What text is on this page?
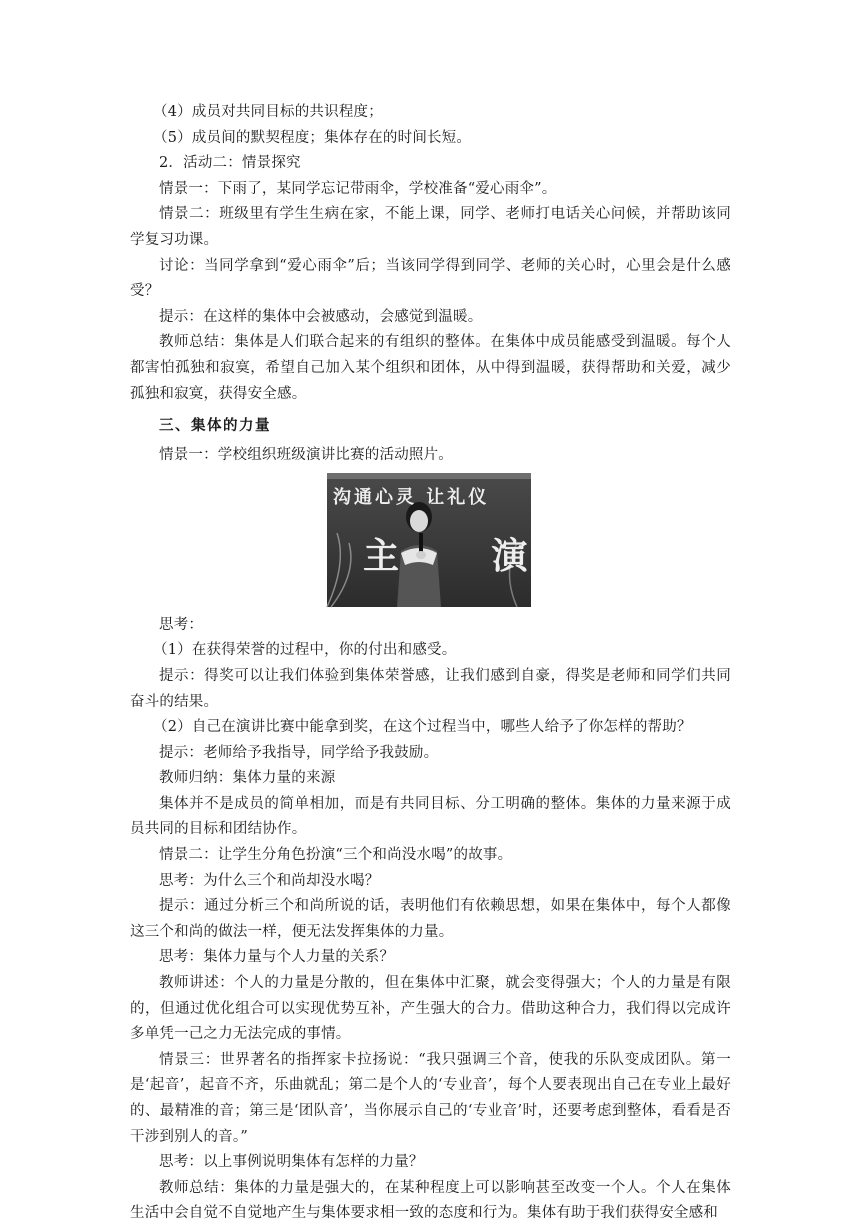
（4）成员对共同目标的共识程度；

（5）成员间的默契程度；集体存在的时间长短。

2．活动二：情景探究

情景一：下雨了，某同学忘记带雨伞，学校准备“爱心雨伞”。

情景二：班级里有学生生病在家，不能上课，同学、老师打电话关心问候，并帮助该同学复习功课。

讨论：当同学拿到“爱心雨伞”后；当该同学得到同学、老师的关心时，心里会是什么感受？

提示：在这样的集体中会被感动，会感觉到温暖。

教师总结：集体是人们联合起来的有组织的整体。在集体中成员能感受到温暖。每个人都害怕孤独和寂寞，希望自己加入某个组织和团体，从中得到温暖，获得帮助和关爱，减少孤独和寂寞，获得安全感。

三、集体的力量

情景一：学校组织班级演讲比赛的活动照片。

沟通心灵 让礼仪
主 演

思考：

（1）在获得荣誉的过程中，你的付出和感受。

提示：得奖可以让我们体验到集体荣誉感，让我们感到自豪，得奖是老师和同学们共同奋斗的结果。

（2）自己在演讲比赛中能拿到奖，在这个过程当中，哪些人给予了你怎样的帮助？

提示：老师给予我指导，同学给予我鼓励。

教师归纳：集体力量的来源

集体并不是成员的简单相加，而是有共同目标、分工明确的整体。集体的力量来源于成员共同的目标和团结协作。

情景二：让学生分角色扮演“三个和尚没水喝”的故事。

思考：为什么三个和尚却没水喝？

提示：通过分析三个和尚所说的话，表明他们有依赖思想，如果在集体中，每个人都像这三个和尚的做法一样，便无法发挥集体的力量。

思考：集体力量与个人力量的关系？

教师讲述：个人的力量是分散的，但在集体中汇聚，就会变得强大；个人的力量是有限的，但通过优化组合可以实现优势互补，产生强大的合力。借助这种合力，我们得以完成许多单凭一己之力无法完成的事情。

情景三：世界著名的指挥家卡拉扬说：“我只强调三个音，使我的乐队变成团队。第一是‘起音’，起音不齐，乐曲就乱；第二是个人的‘专业音’，每个人要表现出自己在专业上最好的、最精准的音；第三是‘团队音’，当你展示自己的‘专业音’时，还要考虑到整体，看看是否干涉到别人的音。”

思考：以上事例说明集体有怎样的力量？

教师总结：集体的力量是强大的，在某种程度上可以影响甚至改变一个人。个人在集体生活中会自觉不自觉地产生与集体要求相一致的态度和行为。集体有助于我们获得安全感和
